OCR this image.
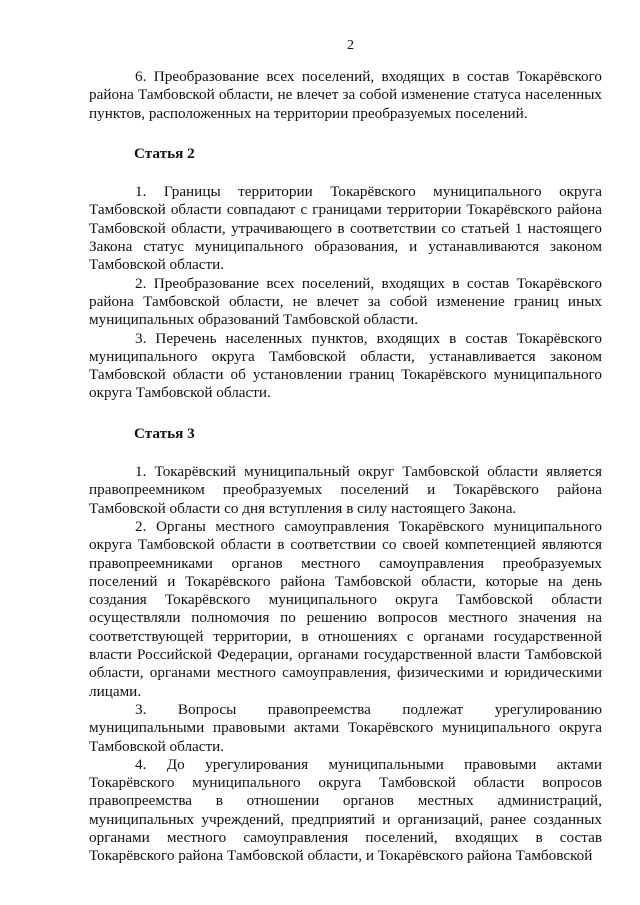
2

6. Преобразование всех поселений, входящих в состав Токарёвского района Тамбовской области, не влечет за собой изменение статуса населенных пунктов, расположенных на территории преобразуемых поселений.

Статья 2

1. Границы территории Токарёвского муниципального округа Тамбовской области совпадают с границами территории Токарёвского района Тамбовской области, утрачивающего в соответствии со статьей 1 настоящего Закона статус муниципального образования, и устанавливаются законом Тамбовской области.

2. Преобразование всех поселений, входящих в состав Токарёвского района Тамбовской области, не влечет за собой изменение границ иных муниципальных образований Тамбовской области.

3. Перечень населенных пунктов, входящих в состав Токарёвского муниципального округа Тамбовской области, устанавливается законом Тамбовской области об установлении границ Токарёвского муниципального округа Тамбовской области.

Статья 3

1. Токарёвский муниципальный округ Тамбовской области является правопреемником преобразуемых поселений и Токарёвского района Тамбовской области со дня вступления в силу настоящего Закона.

2. Органы местного самоуправления Токарёвского муниципального округа Тамбовской области в соответствии со своей компетенцией являются правопреемниками органов местного самоуправления преобразуемых поселений и Токарёвского района Тамбовской области, которые на день создания Токарёвского муниципального округа Тамбовской области осуществляли полномочия по решению вопросов местного значения на соответствующей территории, в отношениях с органами государственной власти Российской Федерации, органами государственной власти Тамбовской области, органами местного самоуправления, физическими и юридическими лицами.

3. Вопросы правопреемства подлежат урегулированию муниципальными правовыми актами Токарёвского муниципального округа Тамбовской области.

4. До урегулирования муниципальными правовыми актами Токарёвского муниципального округа Тамбовской области вопросов правопреемства в отношении органов местных администраций, муниципальных учреждений, предприятий и организаций, ранее созданных органами местного самоуправления поселений, входящих в состав Токарёвского района Тамбовской области, и Токарёвского района Тамбовской
